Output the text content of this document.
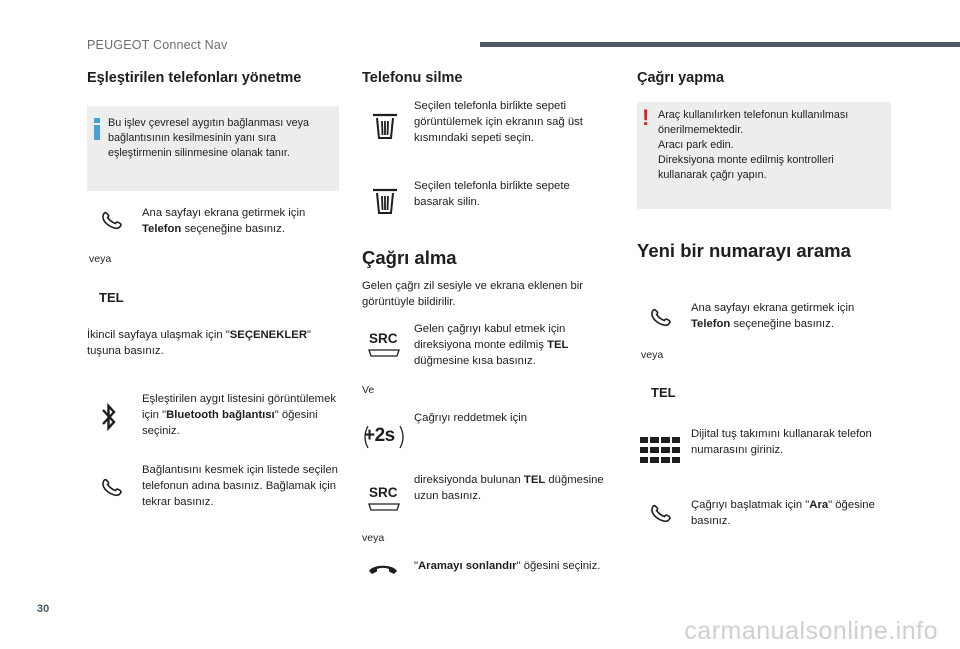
PEUGEOT Connect Nav
Eşleştirilen telefonları yönetme
Bu işlev çevresel aygıtın bağlanması veya bağlantısının kesilmesinin yanı sıra eşleştirmenin silinmesine olanak tanır.
Ana sayfayı ekrana getirmek için Telefon seçeneğine basınız.
veya
TEL
İkincil sayfaya ulaşmak için "SEÇENEKLER" tuşuna basınız.
Eşleştirilen aygıt listesini görüntülemek için "Bluetooth bağlantısı" öğesini seçiniz.
Bağlantısını kesmek için listede seçilen telefonun adına basınız. Bağlamak için tekrar basınız.
Telefonu silme
Seçilen telefonla birlikte sepeti görüntülemek için ekranın sağ üst kısmındaki sepeti seçin.
Seçilen telefonla birlikte sepete basarak silin.
Çağrı alma
Gelen çağrı zil sesiyle ve ekrana eklenen bir görüntüyle bildirilir.
SRC
Gelen çağrıyı kabul etmek için direksiyona monte edilmiş TEL düğmesine kısa basınız.
Ve
+2s
Çağrıyı reddetmek için
SRC
direksiyonda bulunan TEL düğmesine uzun basınız.
veya
"Aramayı sonlandır" öğesini seçiniz.
Çağrı yapma
! Araç kullanılırken telefonun kullanılması önerilmemektedir.
Aracı park edin.
Direksiyona monte edilmiş kontrolleri kullanarak çağrı yapın.
Yeni bir numarayı arama
Ana sayfayı ekrana getirmek için Telefon seçeneğine basınız.
veya
TEL
Dijital tuş takımını kullanarak telefon numarasını giriniz.
Çağrıyı başlatmak için "Ara" öğesine basınız.
30
carmanualsonline.info
